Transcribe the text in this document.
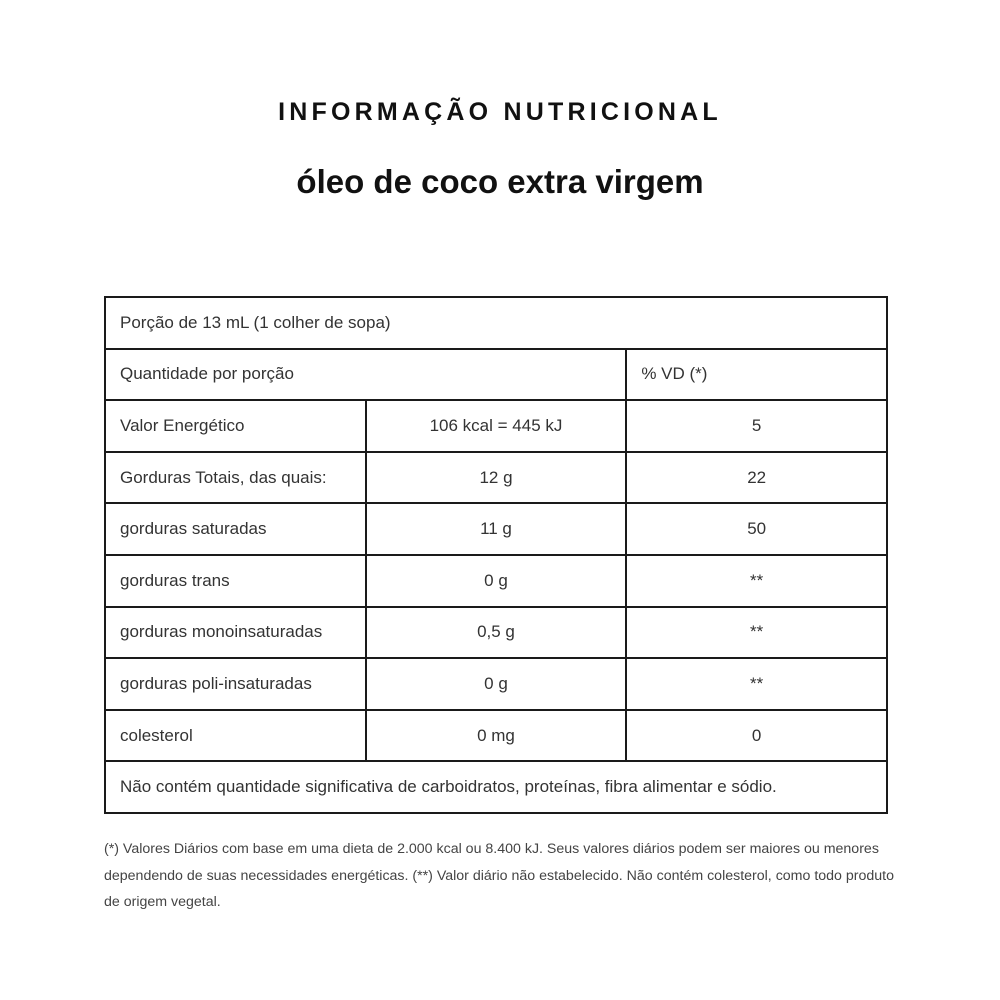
INFORMAÇÃO NUTRICIONAL
óleo de coco extra virgem
Porção de 13 mL (1 colher de sopa)		
Quantidade por porção		% VD (*)
Valor Energético	106 kcal = 445 kJ	5
Gorduras Totais, das quais:	12 g	22
gorduras saturadas	11 g	50
gorduras trans	0 g	**
gorduras monoinsaturadas	0,5 g	**
gorduras poli-insaturadas	0 g	**
colesterol	0 mg	0
Não contém quantidade significativa de carboidratos, proteínas, fibra alimentar e sódio.		
(*) Valores Diários com base em uma dieta de 2.000 kcal ou 8.400 kJ. Seus valores diários podem ser maiores ou menores dependendo de suas necessidades energéticas. (**) Valor diário não estabelecido. Não contém colesterol, como todo produto de origem vegetal.
